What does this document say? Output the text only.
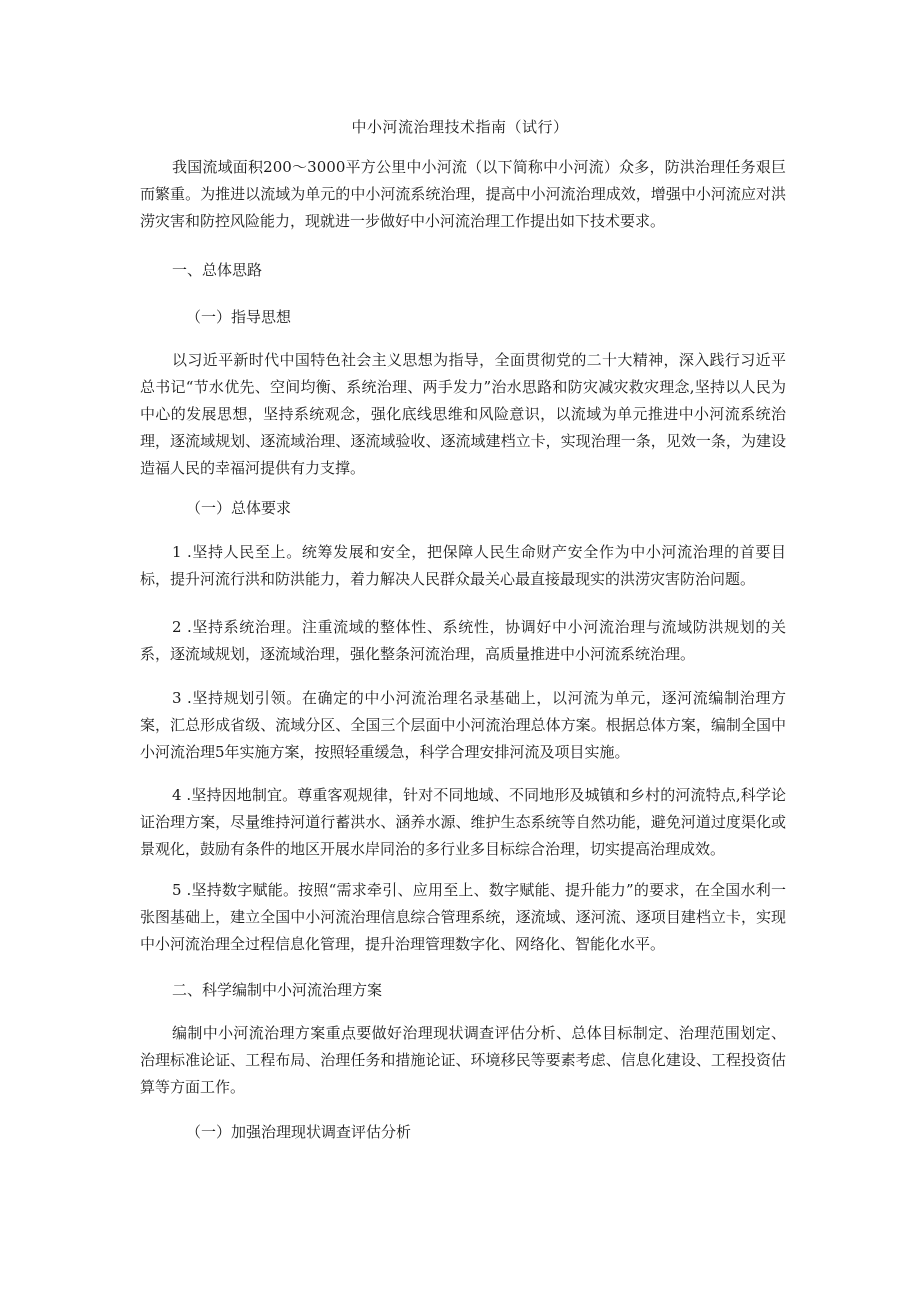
中小河流治理技术指南（试行）

我国流域面积200～3000平方公里中小河流（以下简称中小河流）众多，防洪治理任务艰巨而繁重。为推进以流域为单元的中小河流系统治理，提高中小河流治理成效，增强中小河流应对洪涝灾害和防控风险能力，现就进一步做好中小河流治理工作提出如下技术要求。

一、总体思路

（一）指导思想

以习近平新时代中国特色社会主义思想为指导，全面贯彻党的二十大精神，深入践行习近平总书记“节水优先、空间均衡、系统治理、两手发力”治水思路和防灾减灾救灾理念,坚持以人民为中心的发展思想，坚持系统观念，强化底线思维和风险意识，以流域为单元推进中小河流系统治理，逐流域规划、逐流域治理、逐流域验收、逐流域建档立卡，实现治理一条，见效一条，为建设造福人民的幸福河提供有力支撑。

（一）总体要求

1 .坚持人民至上。统筹发展和安全，把保障人民生命财产安全作为中小河流治理的首要目标，提升河流行洪和防洪能力，着力解决人民群众最关心最直接最现实的洪涝灾害防治问题。

2 .坚持系统治理。注重流域的整体性、系统性，协调好中小河流治理与流域防洪规划的关系，逐流域规划，逐流域治理，强化整条河流治理，高质量推进中小河流系统治理。

3 .坚持规划引领。在确定的中小河流治理名录基础上，以河流为单元，逐河流编制治理方案，汇总形成省级、流域分区、全国三个层面中小河流治理总体方案。根据总体方案，编制全国中小河流治理5年实施方案，按照轻重缓急，科学合理安排河流及项目实施。

4 .坚持因地制宜。尊重客观规律，针对不同地域、不同地形及城镇和乡村的河流特点,科学论证治理方案，尽量维持河道行蓄洪水、涵养水源、维护生态系统等自然功能，避免河道过度渠化或景观化，鼓励有条件的地区开展水岸同治的多行业多目标综合治理，切实提高治理成效。

5 .坚持数字赋能。按照“需求牵引、应用至上、数字赋能、提升能力”的要求，在全国水利一张图基础上，建立全国中小河流治理信息综合管理系统，逐流域、逐河流、逐项目建档立卡，实现中小河流治理全过程信息化管理，提升治理管理数字化、网络化、智能化水平。

二、科学编制中小河流治理方案

编制中小河流治理方案重点要做好治理现状调查评估分析、总体目标制定、治理范围划定、治理标准论证、工程布局、治理任务和措施论证、环境移民等要素考虑、信息化建设、工程投资估算等方面工作。

（一）加强治理现状调查评估分析
